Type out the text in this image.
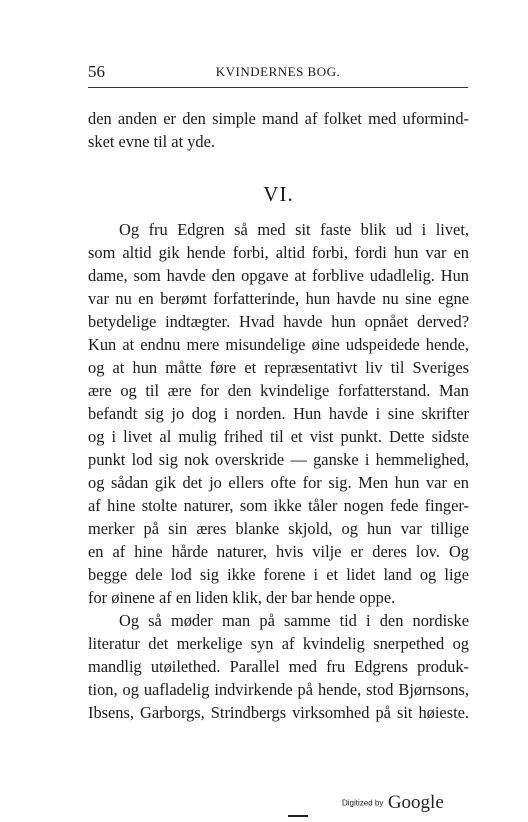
56	KVINDERNES BOG.
den anden er den simple mand af folket med uformind-
sket evne til at yde.
VI.
Og fru Edgren så med sit faste blik ud i livet,
som altid gik hende forbi, altid forbi, fordi hun var en
dame, som havde den opgave at forblive udadlelig. Hun
var nu en berømt forfatterinde, hun havde nu sine egne
betydelige indtægter. Hvad havde hun opnået derved?
Kun at endnu mere misundelige øine udspeidede hende,
og at hun måtte føre et repræsentativt liv til Sveriges
ære og til ære for den kvindelige forfatterstand. Man
befandt sig jo dog i norden. Hun havde i sine skrifter
og i livet al mulig frihed til et vist punkt. Dette sidste
punkt lod sig nok overskride — ganske i hemmelighed,
og sådan gik det jo ellers ofte for sig. Men hun var en
af hine stolte naturer, som ikke tåler nogen fede finger-
merker på sin æres blanke skjold, og hun var tillige
en af hine hårde naturer, hvis vilje er deres lov. Og
begge dele lod sig ikke forene i et lidet land og lige
for øinene af en liden klik, der bar hende oppe.
Og så møder man på samme tid i den nordiske
literatur det merkelige syn af kvindelig snerpethed og
mandlig utøilethed. Parallel med fru Edgrens produk-
tion, og uafladelig indvirkende på hende, stod Bjørnsons,
Ibsens, Garborgs, Strindbergs virksomhed på sit høieste.
Digitized by Google
